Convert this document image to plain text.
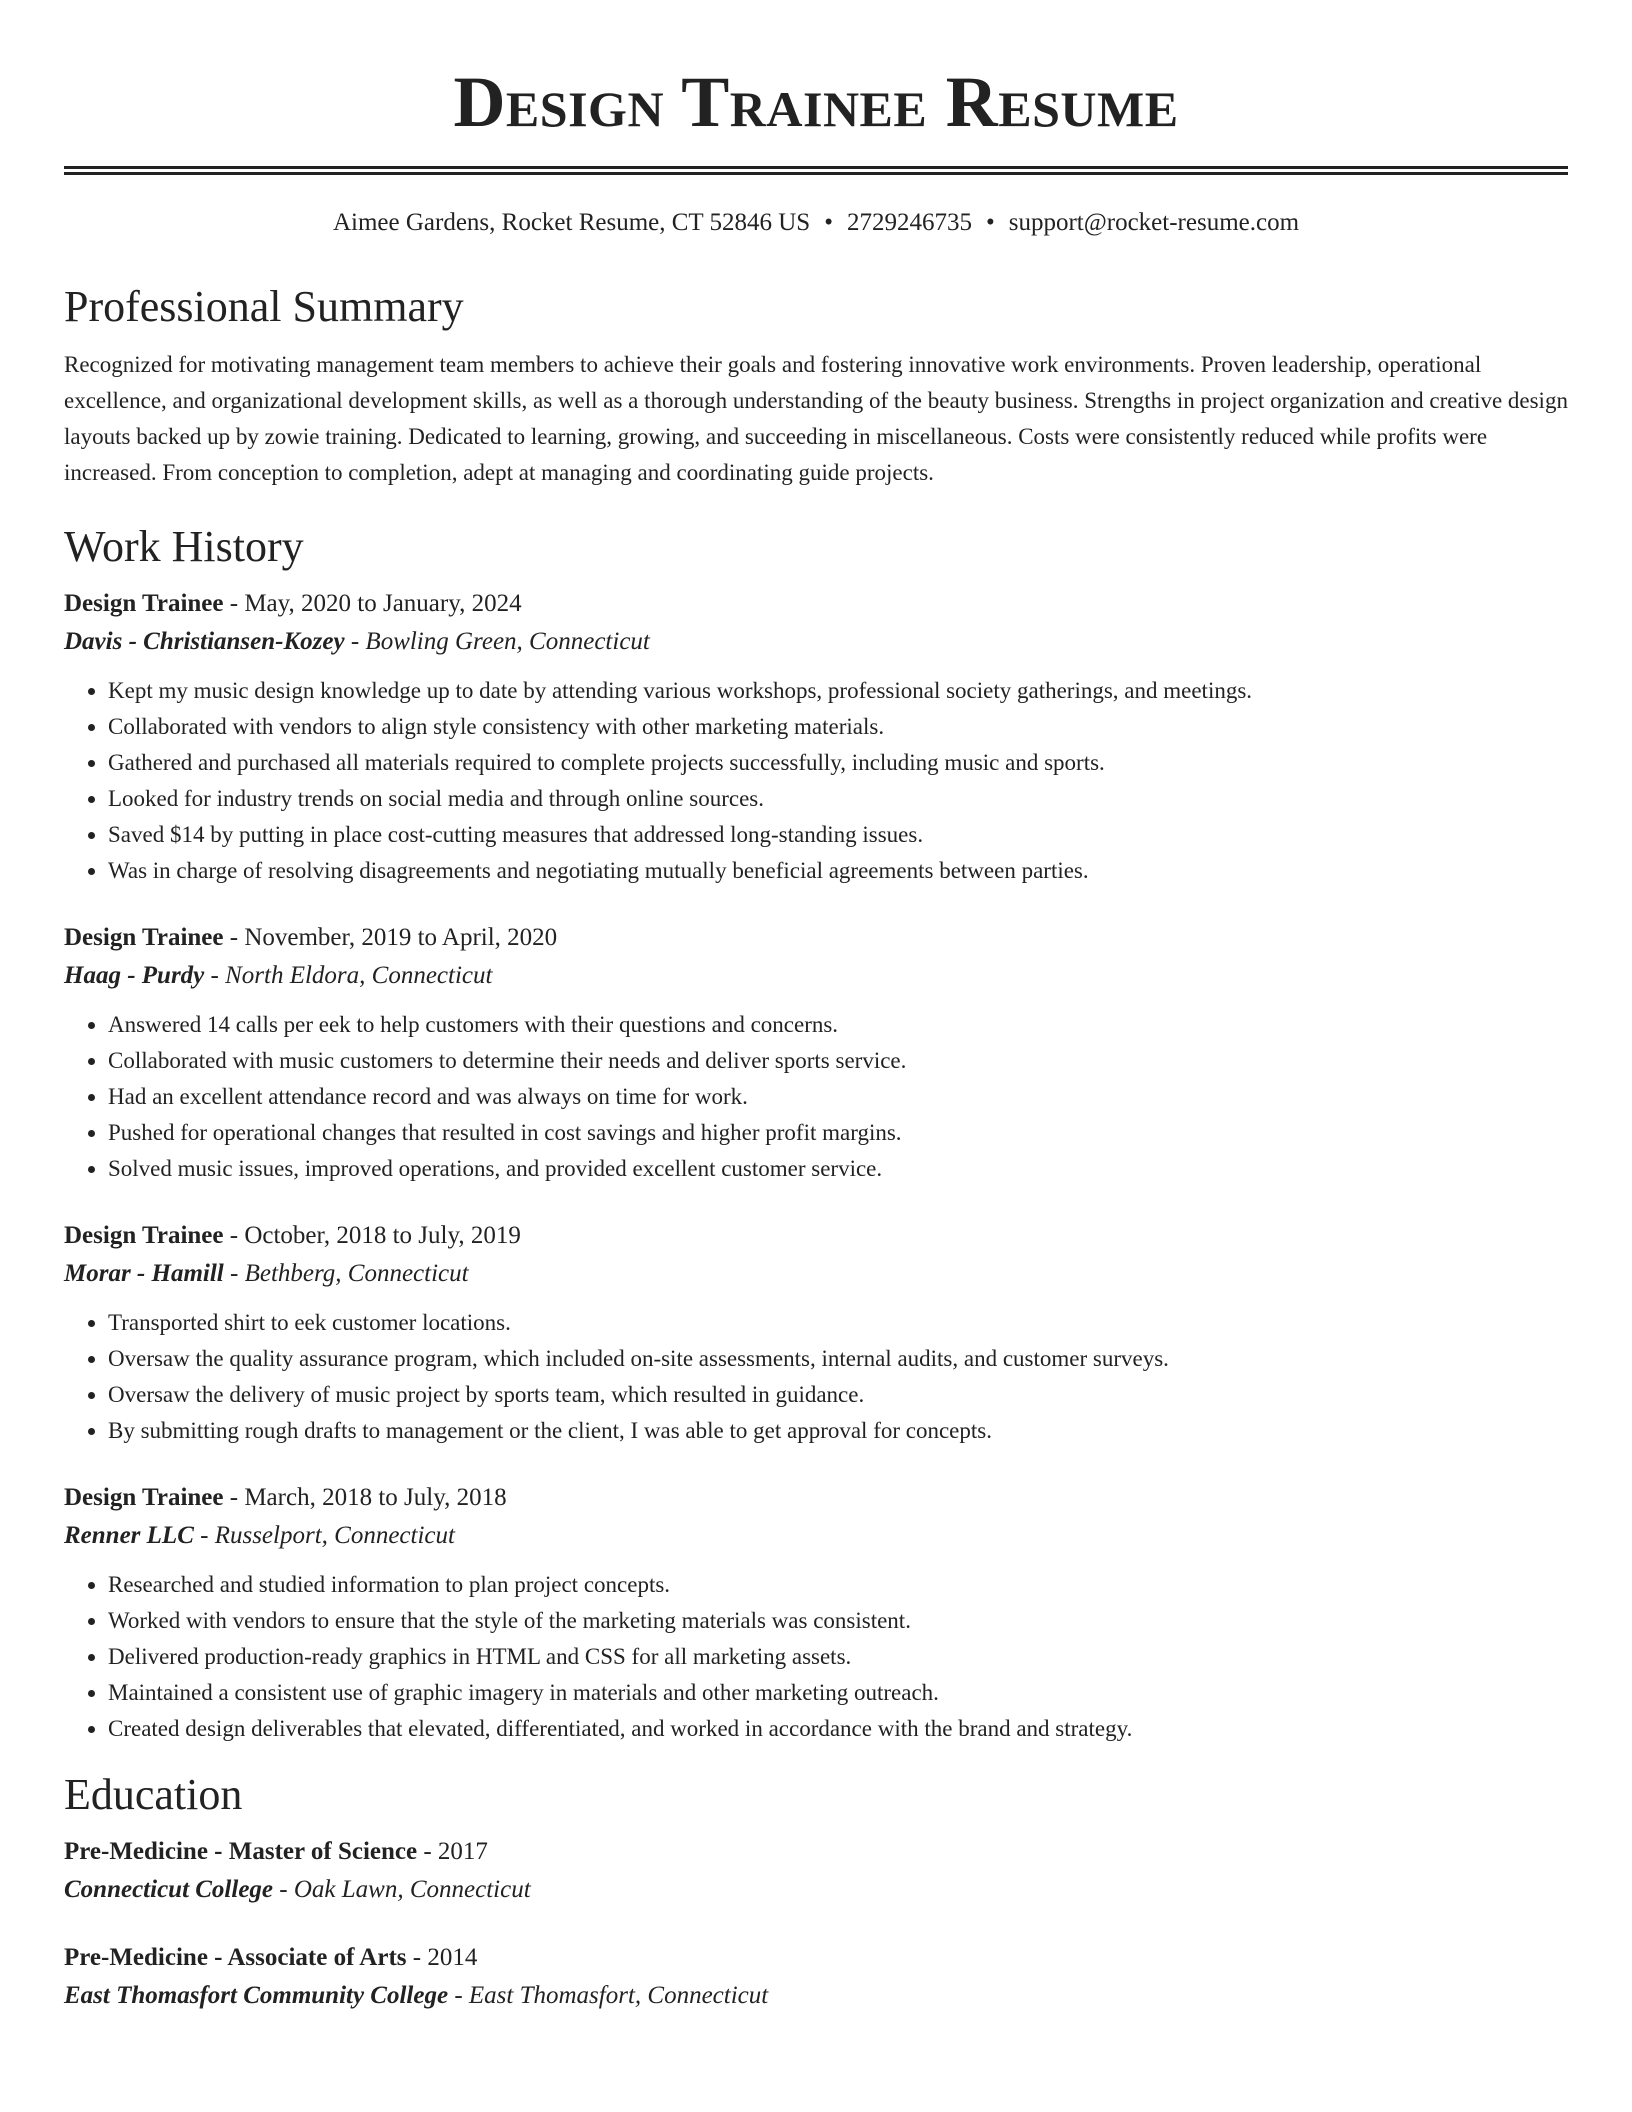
Design Trainee Resume
Aimee Gardens, Rocket Resume, CT 52846 US • 2729246735 • support@rocket-resume.com
Professional Summary

Recognized for motivating management team members to achieve their goals and fostering innovative work environments. Proven leadership, operational excellence, and organizational development skills, as well as a thorough understanding of the beauty business. Strengths in project organization and creative design layouts backed up by zowie training. Dedicated to learning, growing, and succeeding in miscellaneous. Costs were consistently reduced while profits were increased. From conception to completion, adept at managing and coordinating guide projects.

Work History
Design Trainee - May, 2020 to January, 2024
Davis - Christiansen-Kozey - Bowling Green, Connecticut
• Kept my music design knowledge up to date by attending various workshops, professional society gatherings, and meetings.
• Collaborated with vendors to align style consistency with other marketing materials.
• Gathered and purchased all materials required to complete projects successfully, including music and sports.
• Looked for industry trends on social media and through online sources.
• Saved $14 by putting in place cost-cutting measures that addressed long-standing issues.
• Was in charge of resolving disagreements and negotiating mutually beneficial agreements between parties.
Design Trainee - November, 2019 to April, 2020
Haag - Purdy - North Eldora, Connecticut
• Answered 14 calls per eek to help customers with their questions and concerns.
• Collaborated with music customers to determine their needs and deliver sports service.
• Had an excellent attendance record and was always on time for work.
• Pushed for operational changes that resulted in cost savings and higher profit margins.
• Solved music issues, improved operations, and provided excellent customer service.
Design Trainee - October, 2018 to July, 2019
Morar - Hamill - Bethberg, Connecticut
• Transported shirt to eek customer locations.
• Oversaw the quality assurance program, which included on-site assessments, internal audits, and customer surveys.
• Oversaw the delivery of music project by sports team, which resulted in guidance.
• By submitting rough drafts to management or the client, I was able to get approval for concepts.
Design Trainee - March, 2018 to July, 2018
Renner LLC - Russelport, Connecticut
• Researched and studied information to plan project concepts.
• Worked with vendors to ensure that the style of the marketing materials was consistent.
• Delivered production-ready graphics in HTML and CSS for all marketing assets.
• Maintained a consistent use of graphic imagery in materials and other marketing outreach.
• Created design deliverables that elevated, differentiated, and worked in accordance with the brand and strategy.
Education
Pre-Medicine - Master of Science - 2017
Connecticut College - Oak Lawn, Connecticut
Pre-Medicine - Associate of Arts - 2014
East Thomasfort Community College - East Thomasfort, Connecticut
